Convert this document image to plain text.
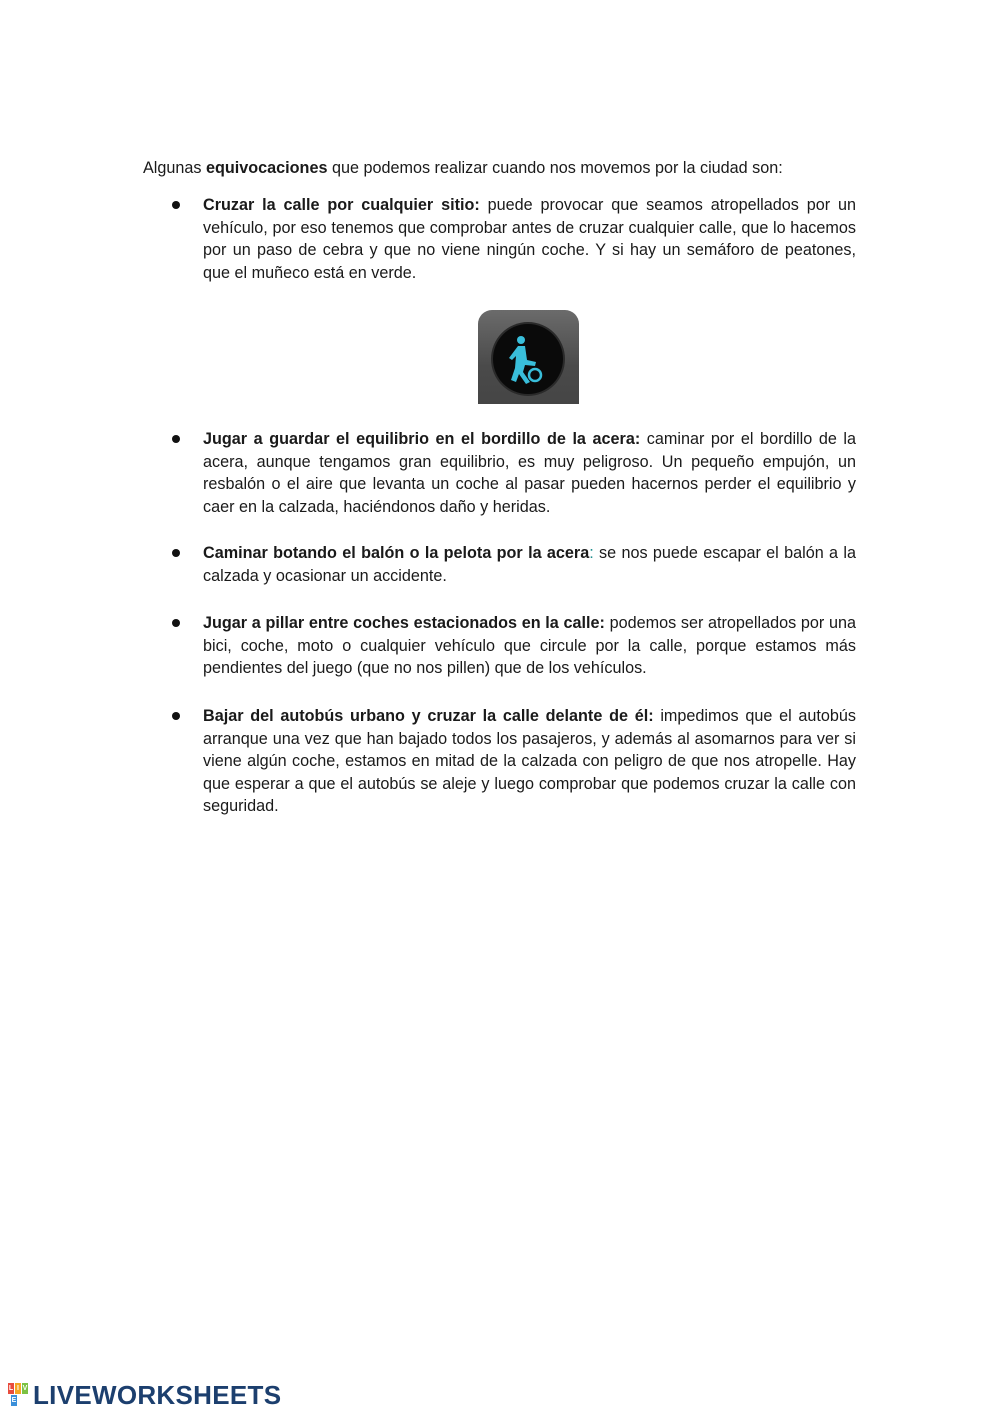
Algunas equivocaciones que podemos realizar cuando nos movemos por la ciudad son:

Cruzar la calle por cualquier sitio: puede provocar que seamos atropellados por un vehículo, por eso tenemos que comprobar antes de cruzar cualquier calle, que lo hacemos por un paso de cebra y que no viene ningún coche. Y si hay un semáforo de peatones, que el muñeco está en verde.

Jugar a guardar el equilibrio en el bordillo de la acera: caminar por el bordillo de la acera, aunque tengamos gran equilibrio, es muy peligroso. Un pequeño empujón, un resbalón o el aire que levanta un coche al pasar pueden hacernos perder el equilibrio y caer en la calzada, haciéndonos daño y heridas.

Caminar botando el balón o la pelota por la acera: se nos puede escapar el balón a la calzada y ocasionar un accidente.

Jugar a pillar entre coches estacionados en la calle: podemos ser atropellados por una bici, coche, moto o cualquier vehículo que circule por la calle, porque estamos más pendientes del juego (que no nos pillen) que de los vehículos.

Bajar del autobús urbano y cruzar la calle delante de él: impedimos que el autobús arranque una vez que han bajado todos los pasajeros, y además al asomarnos para ver si viene algún coche, estamos en mitad de la calzada con peligro de que nos atropelle. Hay que esperar a que el autobús se aleje y luego comprobar que podemos cruzar la calle con seguridad.

L I V
E LIVEWORKSHEETS
